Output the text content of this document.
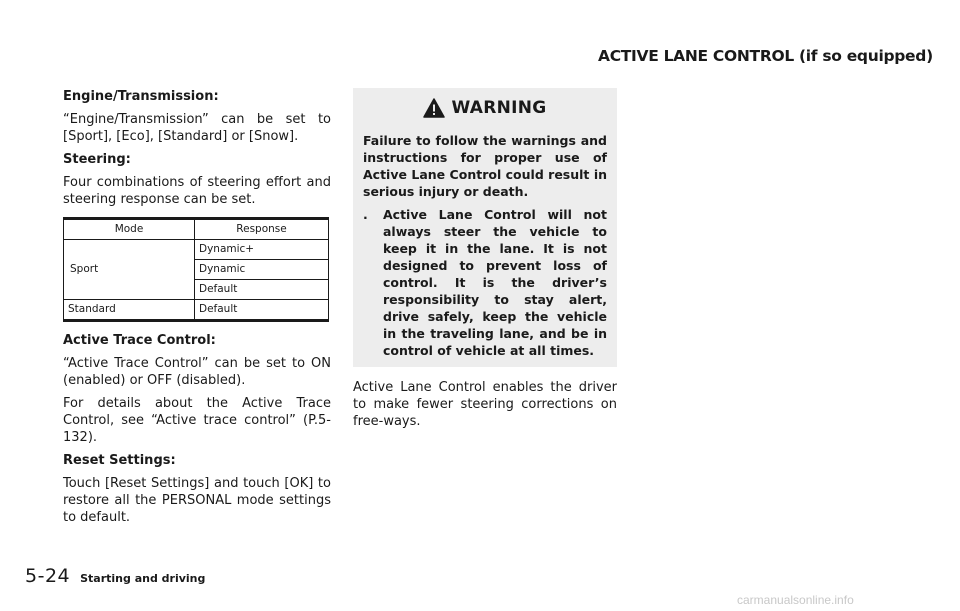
ACTIVE LANE CONTROL (if so equipped)

Engine/Transmission:

“Engine/Transmission” can be set to [Sport], [Eco], [Standard] or [Snow].

Steering:

Four combinations of steering effort and steering response can be set.

Mode	Response
Sport	Dynamic+
	Dynamic
	Default
Standard	Default

Active Trace Control:

“Active Trace Control” can be set to ON (enabled) or OFF (disabled).

For details about the Active Trace Control, see “Active trace control” (P.5-132).

Reset Settings:

Touch [Reset Settings] and touch [OK] to restore all the PERSONAL mode settings to default.

WARNING

Failure to follow the warnings and instructions for proper use of Active Lane Control could result in serious injury or death.

.	Active Lane Control will not always steer the vehicle to keep it in the lane. It is not designed to prevent loss of control. It is the driver’s responsibility to stay alert, drive safely, keep the vehicle in the traveling lane, and be in control of vehicle at all times.

Active Lane Control enables the driver to make fewer steering corrections on free-ways.

5-24 Starting and driving
carmanualsonline.info
